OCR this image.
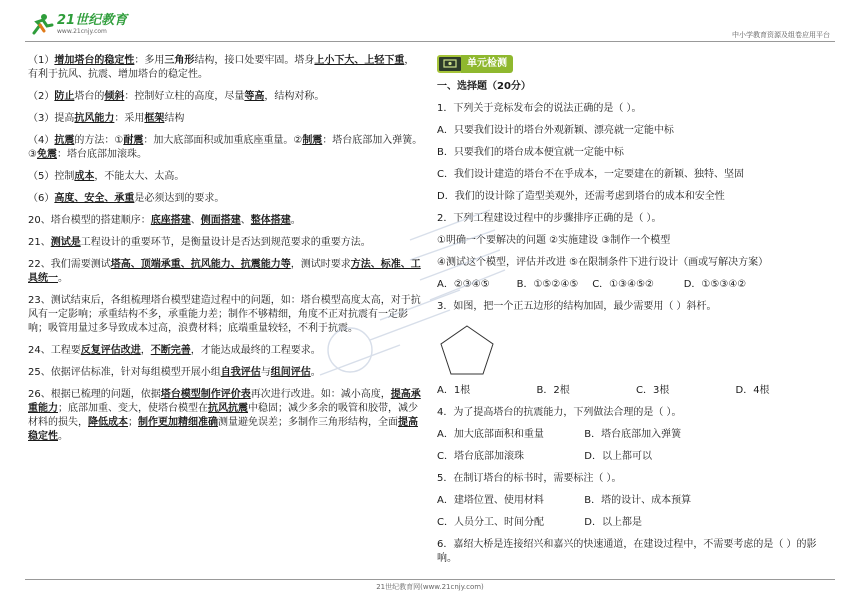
21世纪教育
www.21cnjy.com	中小学教育资源及组卷应用平台

（1）增加塔台的稳定性：多用三角形结构，接口处要牢固。塔身上小下大、上轻下重，有利于抗风、抗震、增加塔台的稳定性。

（2）防止塔台的倾斜：控制好立柱的高度，尽量等高，结构对称。

（3）提高抗风能力：采用框架结构

（4）抗震的方法：①耐震：加大底部面积或加重底座重量。②制震：塔台底部加入弹簧。③免震：塔台底部加滚珠。

（5）控制成本，不能太大、太高。

（6）高度、安全、承重是必须达到的要求。

20、塔台模型的搭建顺序：底座搭建、侧面搭建、整体搭建。

21、测试是工程设计的重要环节，是衡量设计是否达到规范要求的重要方法。

22、我们需要测试塔高、顶端承重、抗风能力、抗震能力等，测试时要求方法、标准、工具统一。

23、测试结束后，各组梳理塔台模型建造过程中的问题，如：塔台模型高度太高，对于抗风有一定影响；承重结构不多，承重能力差；制作不够精细，角度不正对抗震有一定影响；吸管用量过多导致成本过高，浪费材料；底端重量较轻，不利于抗震。

24、工程要反复评估改进，不断完善，才能达成最终的工程要求。

25、依据评估标准，针对每组模型开展小组自我评估与组间评估。

26、根据已梳理的问题，依据塔台模型制作评价表再次进行改进。如：减小高度，提高承重能力；底部加重、变大，使塔台模型在抗风抗震中稳固；减少多余的吸管和胶带，减少材料的损失，降低成本；制作更加精细准确测量避免误差；多制作三角形结构，全面提高稳定性。

单元检测
一、选择题（20分）

1．下列关于竞标发布会的说法正确的是（ ）。

A．只要我们设计的塔台外观新颖、漂亮就一定能中标

B．只要我们的塔台成本便宜就一定能中标

C．我们设计建造的塔台不在乎成本，一定要建在的新颖、独特、坚固

D．我们的设计除了造型美观外，还需考虑到塔台的成本和安全性

2．下列工程建设过程中的步骤排序正确的是（ ）。

①明确一个要解决的问题 ②实施建设 ③制作一个模型

④测试这个模型，评估并改进 ⑤在限制条件下进行设计（画或写解决方案）

A．②③④⑤	B．①⑤②④⑤	C．①③④⑤②	D．①⑤③④②

3．如图，把一个正五边形的结构加固，最少需要用（ ）斜杆。

A．1根	B．2根	C．3根	D．4根

4．为了提高塔台的抗震能力，下列做法合理的是（ ）。

A．加大底部面积和重量	B．塔台底部加入弹簧
C．塔台底部加滚珠	D．以上都可以

5．在制订塔台的标书时，需要标注（ ）。

A．建塔位置、使用材料	B．塔的设计、成本预算
C．人员分工、时间分配	D．以上都是

6．嘉绍大桥是连接绍兴和嘉兴的快速通道，在建设过程中，不需要考虑的是（ ）的影响。

21世纪教育网(www.21cnjy.com)
